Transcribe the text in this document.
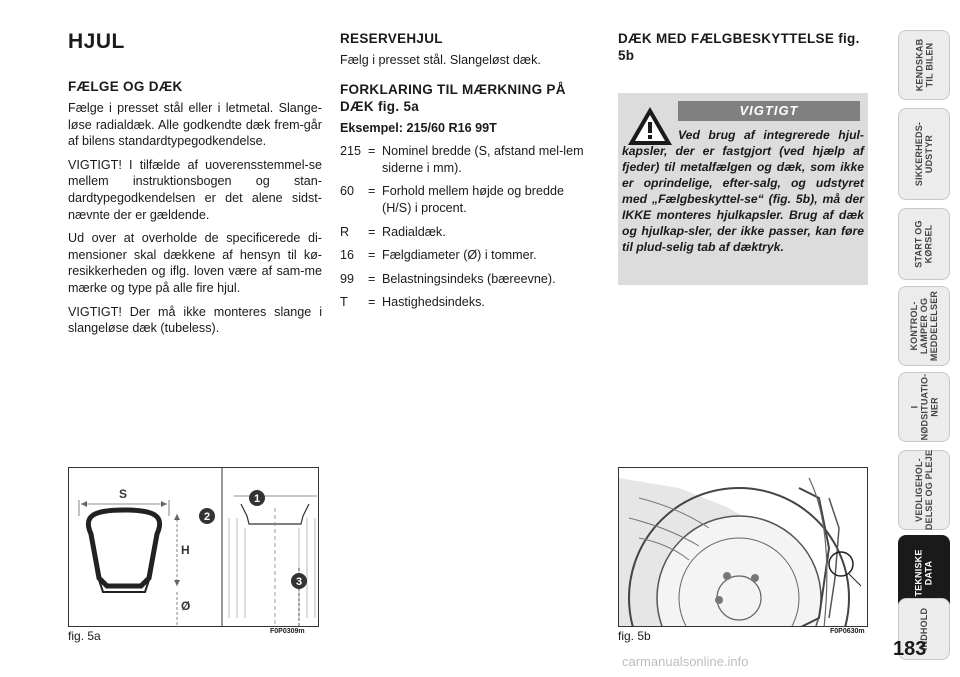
HJUL
FÆLGE OG DÆK

Fælge i presset stål eller i letmetal. Slange-løse radialdæk. Alle godkendte dæk frem-går af bilens standardtypegodkendelse.

VIGTIGT! I tilfælde af uoverensstemmel-se mellem instruktionsbogen og stan-dardtypegodkendelsen er det alene sidst-nævnte der er gældende.

Ud over at overholde de specificerede di-mensioner skal dækkene af hensyn til kø-resikkerheden og iflg. loven være af sam-me mærke og type på alle fire hjul.

VIGTIGT! Der må ikke monteres slange i slangeløse dæk (tubeless).

RESERVEHJUL

Fælg i presset stål. Slangeløst dæk.

FORKLARING TIL MÆRKNING PÅ DÆK fig. 5a

Eksempel: 215/60 R16 99T

215 = Nominel bredde (S, afstand mel-lem siderne i mm).
60	= Forhold mellem højde og bredde (H/S) i procent.
R	= Radialdæk.
16	= Fælgdiameter (Ø) i tommer.
99	= Belastningsindeks (bæreevne).
T	= Hastighedsindeks.
DÆK MED FÆLGBESKYTTELSE fig. 5b
VIGTIGT
Ved brug af integrerede hjul-kapsler, der er fastgjort (ved hjælp af fjeder) til metalfælgen og dæk, som ikke er oprindelige, efter-salg, og udstyret med „Fælgbeskyttel-se“ (fig. 5b), må der IKKE monteres hjulkapsler. Brug af dæk og hjulkap-sler, der ikke passer, kan føre til plud-selig tab af dæktryk.
S
H
Ø
1
2
3
fig. 5a	F0P0309m	fig. 5b	F0P0630m
KENDSKAB
TIL BILEN
SIKKERHEDS-
UDSTYR
START OG
KØRSEL
KONTROL-
LAMPER OG
MEDDELELSER
I
NØDSITUATIO-
NER
VEDLIGEHOL-
DELSE OG PLEJE
TEKNISKE
DATA
INDHOLD
183
carmanualsonline.info
